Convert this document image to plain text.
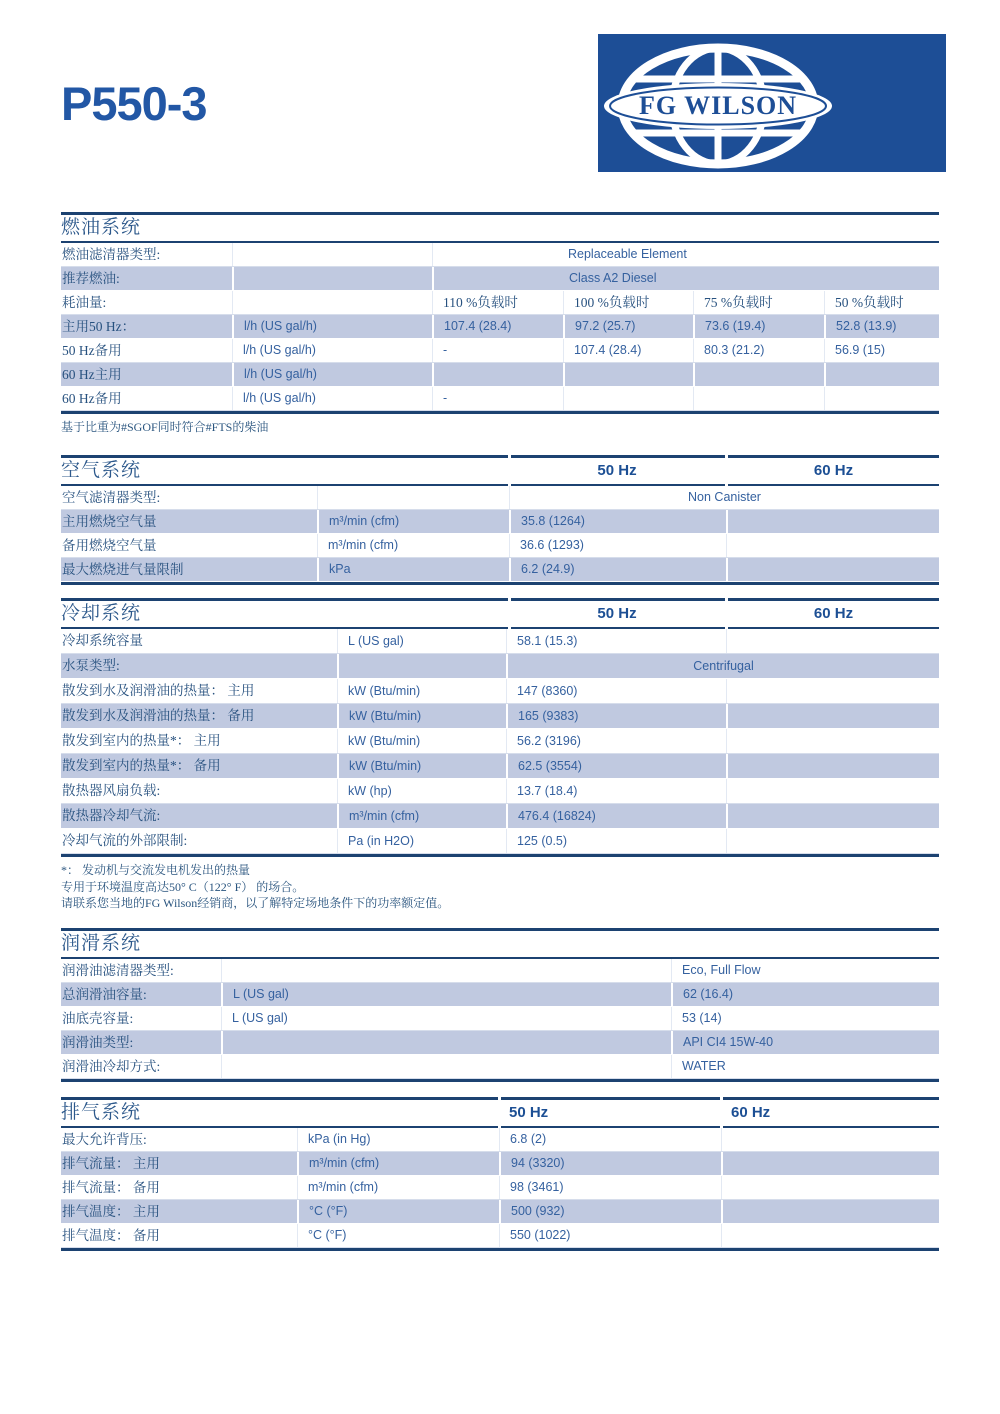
P550-3	FG WILSON
燃油系统
燃油滤清器类型:	Replaceable Element
推荐燃油:	Class A2 Diesel
耗油量:	110 %负载时	100 %负载时	75 %负载时	50 %负载时
主用50 Hz：	l/h (US gal/h)	107.4 (28.4)	97.2 (25.7)	73.6 (19.4)	52.8 (13.9)
50 Hz备用	l/h (US gal/h)	-	107.4 (28.4)	80.3 (21.2)	56.9 (15)
60 Hz主用	l/h (US gal/h)
60 Hz备用	l/h (US gal/h)	-
基于比重为#SGOF同时符合#FTS的柴油
空气系统	50 Hz	60 Hz
空气滤清器类型:	Non Canister
主用燃烧空气量	m³/min (cfm)	35.8 (1264)
备用燃烧空气量	m³/min (cfm)	36.6 (1293)
最大燃烧进气量限制	kPa	6.2 (24.9)
冷却系统	50 Hz	60 Hz
冷却系统容量	L (US gal)	58.1 (15.3)
水泵类型:	Centrifugal
散发到水及润滑油的热量： 主用	kW (Btu/min)	147 (8360)
散发到水及润滑油的热量： 备用	kW (Btu/min)	165 (9383)
散发到室内的热量*： 主用	kW (Btu/min)	56.2 (3196)
散发到室内的热量*： 备用	kW (Btu/min)	62.5 (3554)
散热器风扇负载:	kW (hp)	13.7 (18.4)
散热器冷却气流:	m³/min (cfm)	476.4 (16824)
冷却气流的外部限制:	Pa (in H2O)	125 (0.5)
*： 发动机与交流发电机发出的热量
专用于环境温度高达50° C（122° F） 的场合。
请联系您当地的FG Wilson经销商，以了解特定场地条件下的功率额定值。
润滑系统
润滑油滤清器类型:	Eco, Full Flow
总润滑油容量:	L (US gal)	62 (16.4)
油底壳容量:	L (US gal)	53 (14)
润滑油类型:	API CI4 15W-40
润滑油冷却方式:	WATER
排气系统	50 Hz	60 Hz
最大允许背压:	kPa (in Hg)	6.8 (2)
排气流量： 主用	m³/min (cfm)	94 (3320)
排气流量： 备用	m³/min (cfm)	98 (3461)
排气温度： 主用	°C (°F)	500 (932)
排气温度： 备用	°C (°F)	550 (1022)
